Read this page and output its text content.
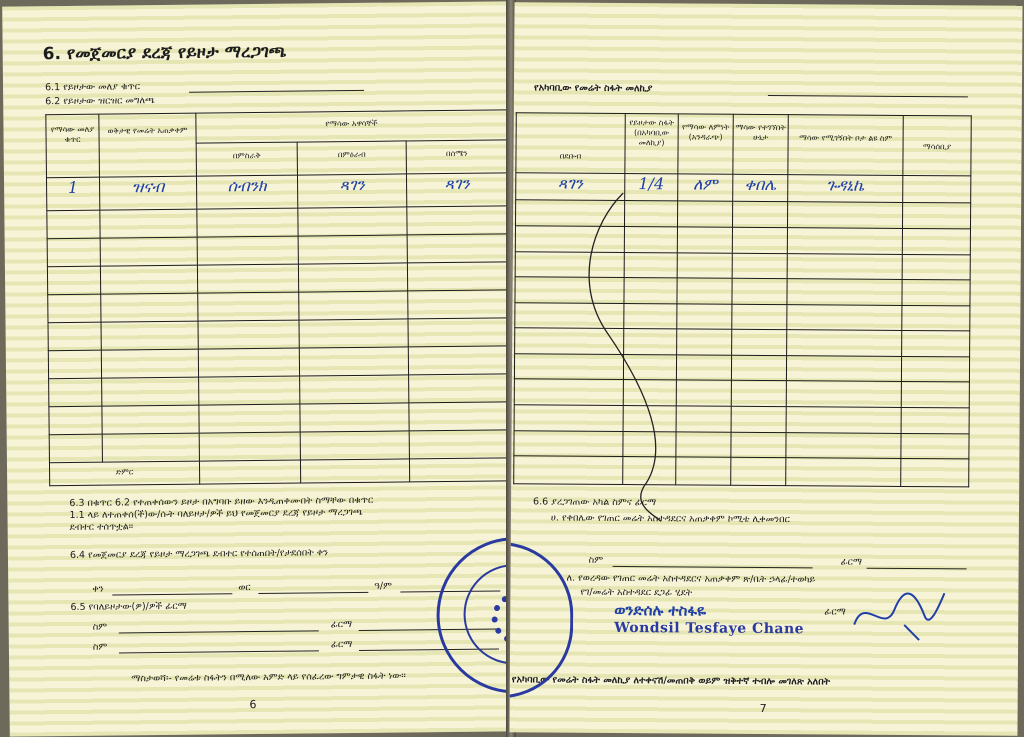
6. የመጀመርያ ደረጃ የይዞታ ማረጋገጫ
6.1 የይዞታው መለያ ቁጥር
6.2 የይዞታው ዝርዝር መግለጫ
የማሳው መለያ ቁጥር	ወቅታዊ የመሬት አጠቃቀም	የማሳው አዋሳኞች		

		በምስራቅ	በምዕራብ	በሰሜን

1	ዝናብ	ሰብንክ	ጻገን	ጻገን

ድምር				

6.3 በቁጥር 6.2 የተጠቀሰውን ይዞታ በአግባቡ ይዘው እንዲጠቀሙበት ስማቸው በቁጥር
1.1 ላይ ለተጠቀሰ(ች)ው/ሱት ባለይዞታ/ዎች ይህ የመጀመርያ ደረጃ የይዞታ ማረጋገጫ
ደብተር ተሰጥቷል።
6.4 የመጀመርያ ደረጃ የይዞታ ማረጋገጫ ደብተር የተሰጠበት/የታደሰበት ቀን
ቀን	ወር	ዓ/ም
6.5 የባለይዞታው(ዎ)/ዎች ፊርማ
ስም	ፊርማ
ስም	ፊርማ
ማስታወሻ፡- የመሬቱ ስፋትን በሚለው አምድ ላይ የሰፈረው ግምታዊ ስፋት ነው።
6
የአካባቢው የመሬት ስፋት መለኪያ
በደቡብ	የይዞታው ስፋት (በአካባቢው መለኪያ)	የማሳው ለምነት (አንዳራጭ)	ማሳው የተገኘበት ሁኔታ	ማሳው የሚገኝበት ቦታ ልዩ ስም	ማሳሰቢያ

ጻገን	1/4	ለም	ቀበሌ	ጉዳኒኬ	

6.6 ያረጋገጠው አካል ስምና ፊርማ
ሀ. የቀበሌው የገጠር መሬት አስተዳደርና አጠቃቀም ኮሚቴ ሊቀመንበር
ስም	ፊርማ
ለ. የወረዳው የገጠር መሬት አስተዳደርና አጠቃቀም ጽ/ቤት ኃላፊ/ተወካይ
የገ/መሬት አስተዳደር ደጋፊ ሂደት
ወንድሰሉ ተስፋዬ
Wondsil Tesfaye Chane
ፊርማ
የአካባቢው የመሬት ስፋት መለኪያ ለተቀናሽ/መጠበቅ ወይም ዝቅተኛ ተብሎ መገለጽ አለበት
7
